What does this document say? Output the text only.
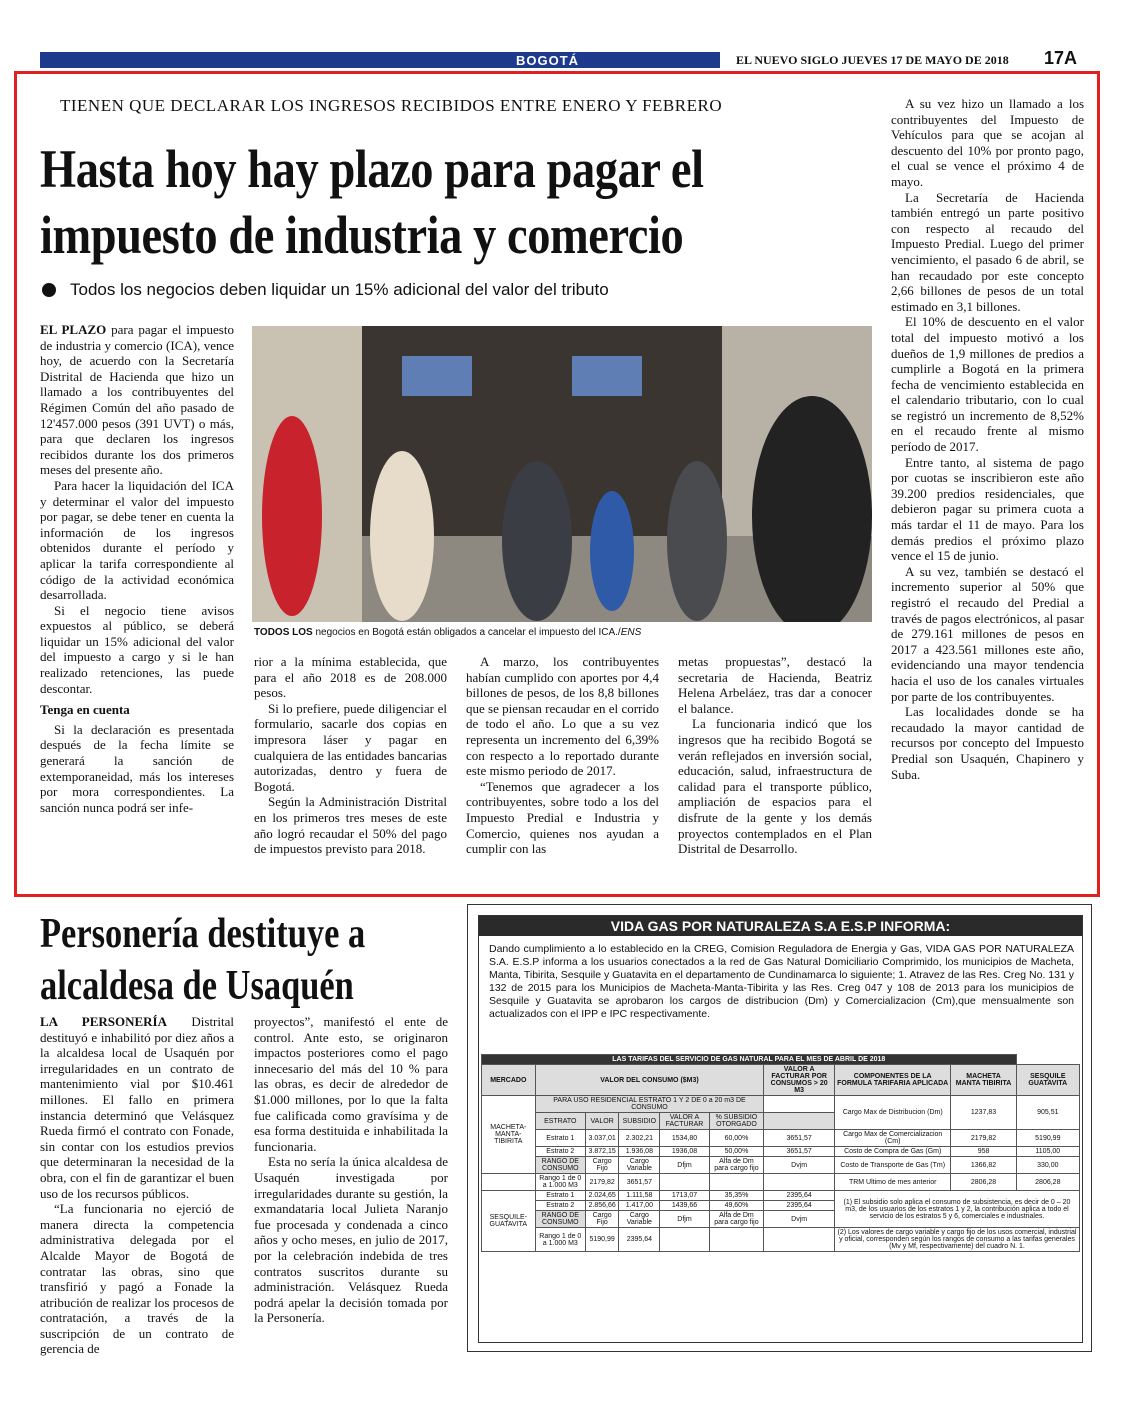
BOGOTÁ	EL NUEVO SIGLO JUEVES 17 DE MAYO DE 2018 17A
TIENEN QUE DECLARAR LOS INGRESOS RECIBIDOS ENTRE ENERO Y FEBRERO
Hasta hoy hay plazo para pagar el
impuesto de industria y comercio
Todos los negocios deben liquidar un 15% adicional del valor del tributo

EL PLAZO para pagar el impuesto de industria y comercio (ICA), vence hoy, de acuerdo con la Secretaría Distrital de Hacienda que hizo un llamado a los contribuyentes del Régimen Común del año pasado de 12'457.000 pesos (391 UVT) o más, para que declaren los ingresos recibidos durante los dos primeros meses del presente año.

Para hacer la liquidación del ICA y determinar el valor del impuesto por pagar, se debe tener en cuenta la información de los ingresos obtenidos durante el período y aplicar la tarifa correspondiente al código de la actividad económica desarrollada.

Si el negocio tiene avisos expuestos al público, se deberá liquidar un 15% adicional del valor del impuesto a cargo y si le han realizado retenciones, las puede descontar.

Tenga en cuenta

Si la declaración es presentada después de la fecha límite se generará la sanción de extemporaneidad, más los intereses por mora correspondientes. La sanción nunca podrá ser infe-

TODOS LOS negocios en Bogotá están obligados a cancelar el impuesto del ICA./ENS

rior a la mínima establecida, que para el año 2018 es de 208.000 pesos.

Si lo prefiere, puede diligenciar el formulario, sacarle dos copias en impresora láser y pagar en cualquiera de las entidades bancarias autorizadas, dentro y fuera de Bogotá.

Según la Administración Distrital en los primeros tres meses de este año logró recaudar el 50% del pago de impuestos previsto para 2018.

A marzo, los contribuyentes habían cumplido con aportes por 4,4 billones de pesos, de los 8,8 billones que se piensan recaudar en el corrido de todo el año. Lo que a su vez representa un incremento del 6,39% con respecto a lo reportado durante este mismo periodo de 2017.

“Tenemos que agradecer a los contribuyentes, sobre todo a los del Impuesto Predial e Industria y Comercio, quienes nos ayudan a cumplir con las

metas propuestas”, destacó la secretaria de Hacienda, Beatriz Helena Arbeláez, tras dar a conocer el balance.

La funcionaria indicó que los ingresos que ha recibido Bogotá se verán reflejados en inversión social, educación, salud, infraestructura de calidad para el transporte público, ampliación de espacios para el disfrute de la gente y los demás proyectos contemplados en el Plan Distrital de Desarrollo.

A su vez hizo un llamado a los contribuyentes del Impuesto de Vehículos para que se acojan al descuento del 10% por pronto pago, el cual se vence el próximo 4 de mayo.

La Secretaría de Hacienda también entregó un parte positivo con respecto al recaudo del Impuesto Predial. Luego del primer vencimiento, el pasado 6 de abril, se han recaudado por este concepto 2,66 billones de pesos de un total estimado en 3,1 billones.

El 10% de descuento en el valor total del impuesto motivó a los dueños de 1,9 millones de predios a cumplirle a Bogotá en la primera fecha de vencimiento establecida en el calendario tributario, con lo cual se registró un incremento de 8,52% en el recaudo frente al mismo período de 2017.

Entre tanto, al sistema de pago por cuotas se inscribieron este año 39.200 predios residenciales, que debieron pagar su primera cuota a más tardar el 11 de mayo. Para los demás predios el próximo plazo vence el 15 de junio.

A su vez, también se destacó el incremento superior al 50% que registró el recaudo del Predial a través de pagos electrónicos, al pasar de 279.161 millones de pesos en 2017 a 423.561 millones este año, evidenciando una mayor tendencia hacia el uso de los canales virtuales por parte de los contribuyentes.

Las localidades donde se ha recaudado la mayor cantidad de recursos por concepto del Impuesto Predial son Usaquén, Chapinero y Suba.

Personería destituye a
alcaldesa de Usaquén

LA PERSONERÍA Distrital destituyó e inhabilitó por diez años a la alcaldesa local de Usaquén por irregularidades en un contrato de mantenimiento vial por $10.461 millones. El fallo en primera instancia determinó que Velásquez Rueda firmó el contrato con Fonade, sin contar con los estudios previos que determinaran la necesidad de la obra, con el fin de garantizar el buen uso de los recursos públicos.

“La funcionaria no ejerció de manera directa la competencia administrativa delegada por el Alcalde Mayor de Bogotá de contratar las obras, sino que transfirió y pagó a Fonade la atribución de realizar los procesos de contratación, a través de la suscripción de un contrato de gerencia de

proyectos”, manifestó el ente de control. Ante esto, se originaron impactos posteriores como el pago innecesario del más del 10 % para las obras, es decir de alrededor de $1.000 millones, por lo que la falta fue calificada como gravísima y de esa forma destituida e inhabilitada la funcionaria.

Esta no sería la única alcaldesa de Usaquén investigada por irregularidades durante su gestión, la exmandataria local Julieta Naranjo fue procesada y condenada a cinco años y ocho meses, en julio de 2017, por la celebración indebida de tres contratos suscritos durante su administración. Velásquez Rueda podrá apelar la decisión tomada por la Personería.

VIDA GAS POR NATURALEZA S.A E.S.P INFORMA:
Dando cumplimiento a lo establecido en la CREG, Comision Reguladora de Energia y Gas, VIDA GAS POR NATURALEZA S.A. E.S.P informa a los usuarios conectados a la red de Gas Natural Domiciliario Comprimido, los municipios de Macheta, Manta, Tibirita, Sesquile y Guatavita en el departamento de Cundinamarca lo siguiente; 1. Atravez de las Res. Creg No. 131 y 132 de 2015 para los Municipios de Macheta-Manta-Tibirita y las Res. Creg 047 y 108 de 2013 para los municipios de Sesquile y Guatavita se aprobaron los cargos de distribucion (Dm) y Comercializacion (Cm),que mensualmente son actualizados con el IPP e IPC respectivamente.
LAS TARIFAS DEL SERVICIO DE GAS NATURAL PARA EL MES DE ABRIL DE 2018									
MERCADO	VALOR DEL CONSUMO ($M3)					VALOR A FACTURAR POR CONSUMOS > 20 M3	COMPONENTES DE LA FORMULA TARIFARIA APLICADA	MACHETA MANTA TIBIRITA	SESQUILE GUATAVITA
MACHETA-MANTA-TIBIRITA	PARA USO RESIDENCIAL ESTRATO 1 Y 2 DE 0 a 20 m3 DE CONSUMO						Cargo Max de Distribucion (Dm)	1237,83	905,51
	ESTRATO	VALOR	SUBSIDIO	VALOR A FACTURAR	% SUBSIDIO OTORGADO				
	Estrato 1	3.037,01	2.302,21	1534,80	60,00%	3651,57	Cargo Max de Comercializacion (Cm)	2179,82	5190,99
	Estrato 2	3.872,15	1.936,08	1936,08	50,00%	3651,57	Costo de Compra de Gas (Gm)	958	1105,00
	RANGO DE CONSUMO	Cargo Fijo	Cargo Variable	Dfjm	Alfa de Dm para cargo fijo	Dvjm	Costo de Transporte de Gas (Tm)	1366,82	330,00
	Rango 1 de 0 a 1.000 M3	2179,82	3651,57				TRM Ultimo de mes anterior	2806,28	2806,28
SESQUILE-GUATAVITA	Estrato 1	2.024,65	1.111,58	1713,07	35,35%	2395,64	(1) El subsidio solo aplica el consumo de subsistencia, es decir de 0 – 20 m3, de los usuarios de los estratos 1 y 2, la contribución aplica a todo el servicio de los estratos 5 y 6, comerciales e industriales.		
	Estrato 2	2.856,66	1.417,00	1439,66	49,60%	2395,64			
	RANGO DE CONSUMO	Cargo Fijo	Cargo Variable	Dfjm	Alfa de Dm para cargo fijo	Dvjm			
	Rango 1 de 0 a 1.000 M3	5190,99	2395,64				(2) Los valores de cargo variable y cargo fijo de los usos comercial, industrial y oficial, corresponden según los rangos de consumo a las tarifas generales (Mv y Mf, respectivamente) del cuadro N. 1.		
